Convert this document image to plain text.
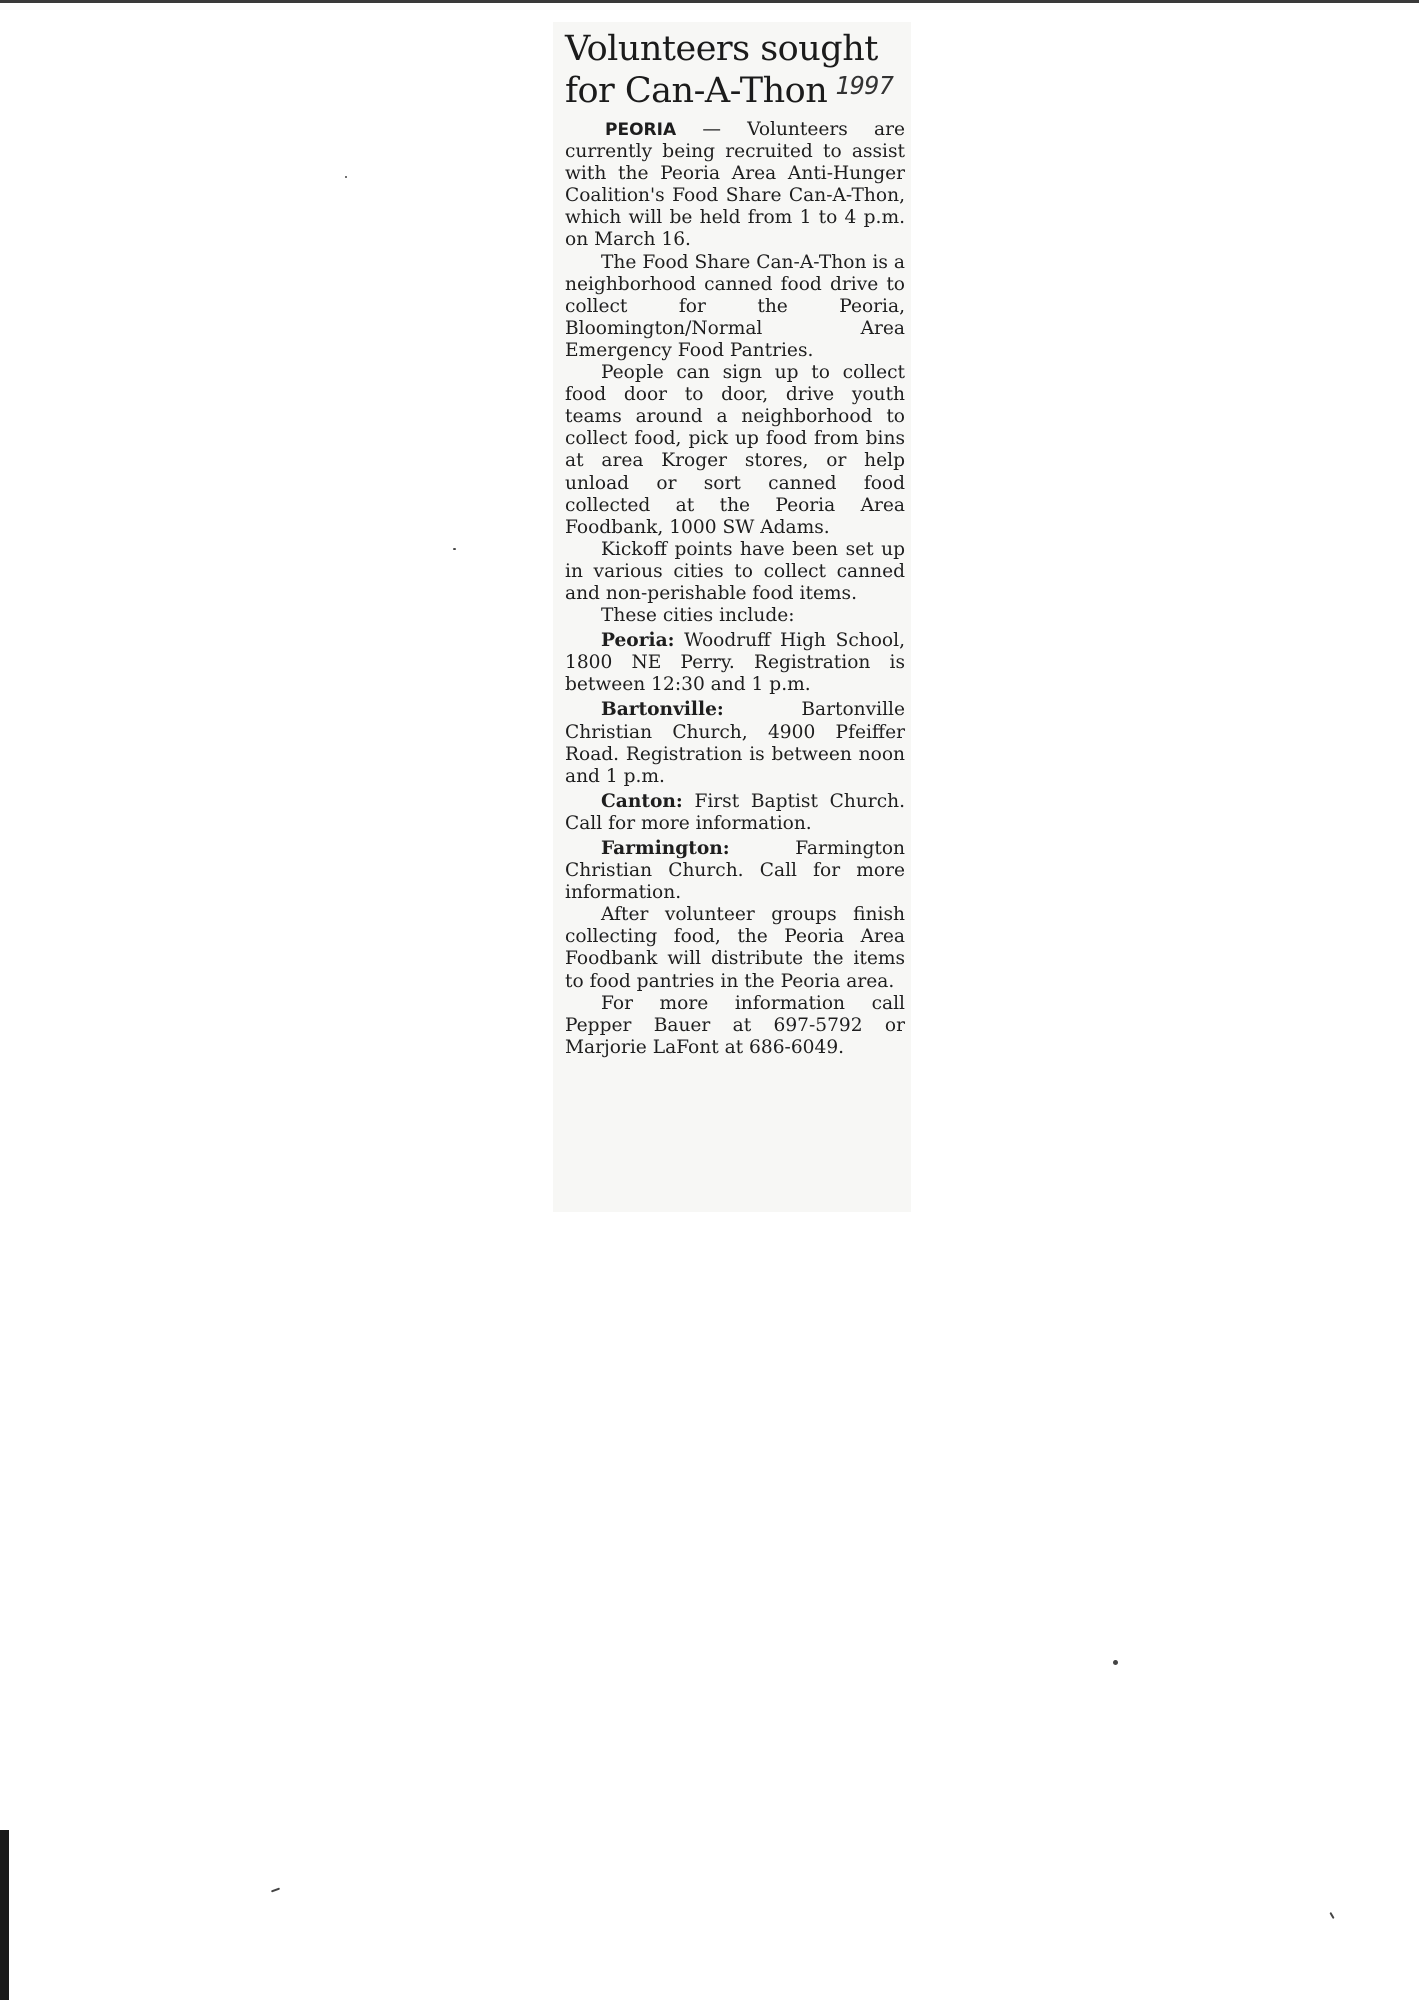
Volunteers sought
for Can-A-Thon $^{1997}$

PEORIA — Volunteers are currently being recruited to assist with the Peoria Area Anti-Hunger Coalition's Food Share Can-A-Thon, which will be held from 1 to 4 p.m. on March 16.

The Food Share Can-A-Thon is a neighborhood canned food drive to collect for the Peoria, Bloomington/Normal Area Emergency Food Pantries.

People can sign up to collect food door to door, drive youth teams around a neighborhood to collect food, pick up food from bins at area Kroger stores, or help unload or sort canned food collected at the Peoria Area Foodbank, 1000 SW Adams.

Kickoff points have been set up in various cities to collect canned and non-perishable food items.

These cities include:

Peoria: Woodruff High School, 1800 NE Perry. Registration is between 12:30 and 1 p.m.

Bartonville:	Bartonville Christian Church, 4900 Pfeiffer Road. Registration is between noon and 1 p.m.

Canton: First Baptist Church. Call for more information.

Farmington:	Farmington Christian Church. Call for more information.

After volunteer groups finish collecting food, the Peoria Area Foodbank will distribute the items to food pantries in the Peoria area.

For more information call Pepper Bauer at 697-5792 or Marjorie LaFont at 686-6049.
